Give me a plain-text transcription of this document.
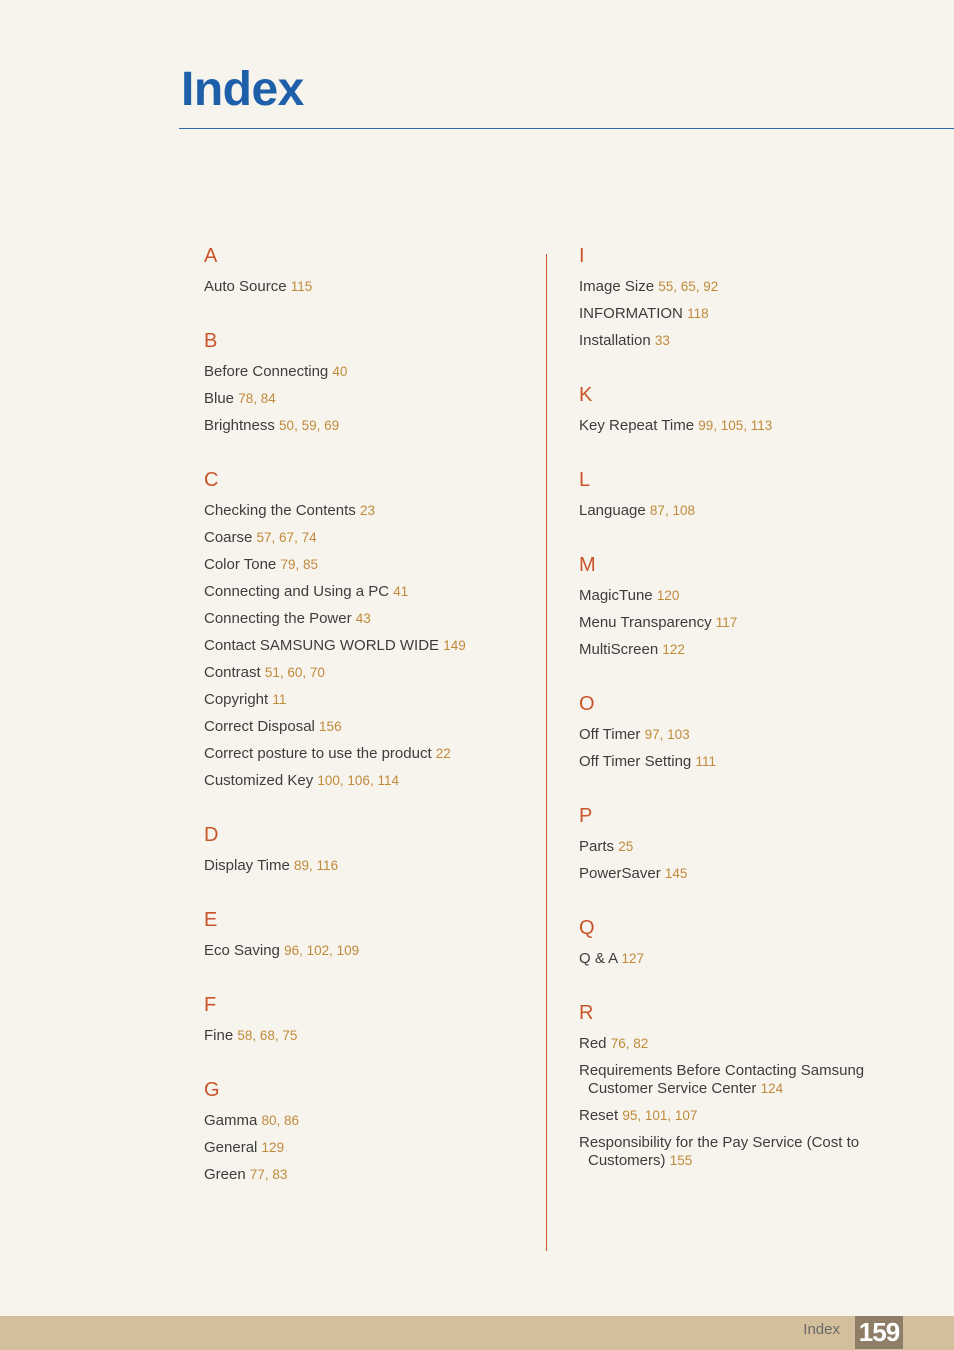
Index
A
Auto Source 115
B
Before Connecting 40
Blue 78, 84
Brightness 50, 59, 69
C
Checking the Contents 23
Coarse 57, 67, 74
Color Tone 79, 85
Connecting and Using a PC 41
Connecting the Power 43
Contact SAMSUNG WORLD WIDE 149
Contrast 51, 60, 70
Copyright 11
Correct Disposal 156
Correct posture to use the product 22
Customized Key 100, 106, 114
D
Display Time 89, 116
E
Eco Saving 96, 102, 109
F
Fine 58, 68, 75
G
Gamma 80, 86
General 129
Green 77, 83
I
Image Size 55, 65, 92
INFORMATION 118
Installation 33
K
Key Repeat Time 99, 105, 113
L
Language 87, 108
M
MagicTune 120
Menu Transparency 117
MultiScreen 122
O
Off Timer 97, 103
Off Timer Setting 111
P
Parts 25
PowerSaver 145
Q
Q & A 127
R
Red 76, 82
Requirements Before Contacting Samsung Customer Service Center 124
Reset 95, 101, 107
Responsibility for the Pay Service (Cost to Customers) 155
Index 159
